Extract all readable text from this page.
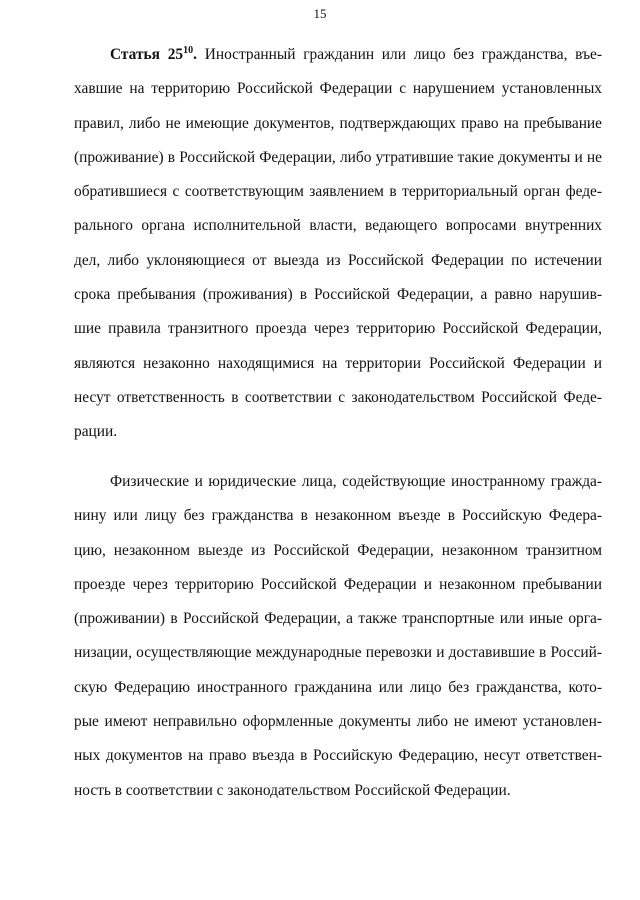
15
Статья $25^{10}$. Иностранный гражданин или лицо без гражданства, въе-
хавшие на территорию Российской Федерации с нарушением установленных
правил, либо не имеющие документов, подтверждающих право на пребывание
(проживание) в Российской Федерации, либо утратившие такие документы и не
обратившиеся с соответствующим заявлением в территориальный орган феде-
рального органа исполнительной власти, ведающего вопросами внутренних
дел, либо уклоняющиеся от выезда из Российской Федерации по истечении
срока пребывания (проживания) в Российской Федерации, а равно нарушив-
шие правила транзитного проезда через территорию Российской Федерации,
являются незаконно находящимися на территории Российской Федерации и
несут ответственность в соответствии с законодательством Российской Феде-
рации.
Физические и юридические лица, содействующие иностранному гражда-
нину или лицу без гражданства в незаконном въезде в Российскую Федера-
цию, незаконном выезде из Российской Федерации, незаконном транзитном
проезде через территорию Российской Федерации и незаконном пребывании
(проживании) в Российской Федерации, а также транспортные или иные орга-
низации, осуществляющие международные перевозки и доставившие в Россий-
скую Федерацию иностранного гражданина или лицо без гражданства, кото-
рые имеют неправильно оформленные документы либо не имеют установлен-
ных документов на право въезда в Российскую Федерацию, несут ответствен-
ность в соответствии с законодательством Российской Федерации.
